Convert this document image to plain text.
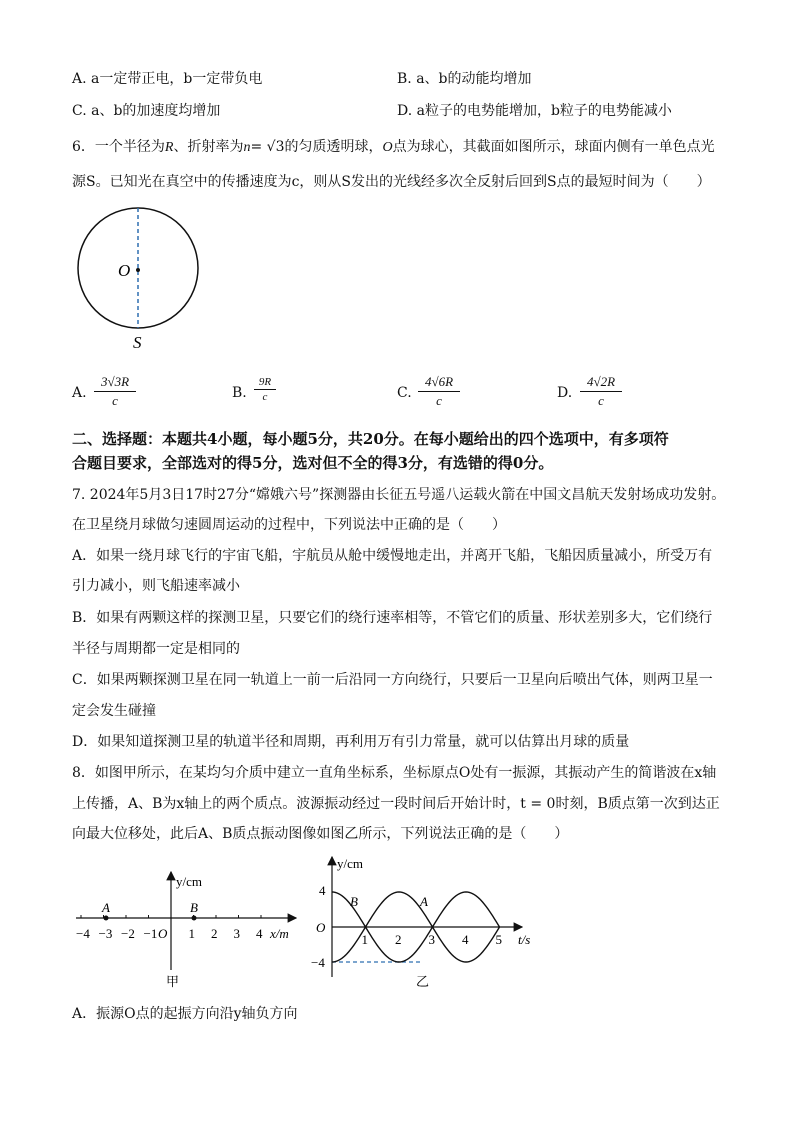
A. a一定带正电，b一定带负电	B. a、b的动能均增加
C. a、b的加速度均增加	D. a粒子的电势能增加，b粒子的电势能减小
6．一个半径为R、折射率为n= √3的匀质透明球，O点为球心，其截面如图所示，球面内侧有一单色点光
源S。已知光在真空中的传播速度为c，则从S发出的光线经多次全反射后回到S点的最短时间为（　　）
O
S
A. $\frac{3√3R}{c}$	B. $\frac{9R}{c}$	C. $\frac{4√6R}{c}$	D. $\frac{4√2R}{c}$
二、选择题：本题共4小题，每小题5分，共20分。在每小题给出的四个选项中，有多项符
合题目要求，全部选对的得5分，选对但不全的得3分，有选错的得0分。
7. 2024年5月3日17时27分“嫦娥六号”探测器由长征五号遥八运载火箭在中国文昌航天发射场成功发射。
在卫星绕月球做匀速圆周运动的过程中，下列说法中正确的是（　　）
A．如果一绕月球飞行的宇宙飞船，宇航员从舱中缓慢地走出，并离开飞船，飞船因质量减小，所受万有
引力减小，则飞船速率减小
B．如果有两颗这样的探测卫星，只要它们的绕行速率相等，不管它们的质量、形状差别多大，它们绕行
半径与周期都一定是相同的
C．如果两颗探测卫星在同一轨道上一前一后沿同一方向绕行，只要后一卫星向后喷出气体，则两卫星一
定会发生碰撞
D．如果知道探测卫星的轨道半径和周期，再利用万有引力常量，就可以估算出月球的质量
8．如图甲所示，在某均匀介质中建立一直角坐标系，坐标原点O处有一振源，其振动产生的简谐波在x轴
上传播，A、B为x轴上的两个质点。波源振动经过一段时间后开始计时，t = 0时刻，B质点第一次到达正
向最大位移处，此后A、B质点振动图像如图乙所示，下列说法正确的是（　　）
y/cm
x/m
−4 −3 −2 −1 O 1 2 3 4
A	B
甲
y/cm
t/s
O
4
−4
1 2 3 4 5
B	A
乙
A．振源O点的起振方向沿y轴负方向
